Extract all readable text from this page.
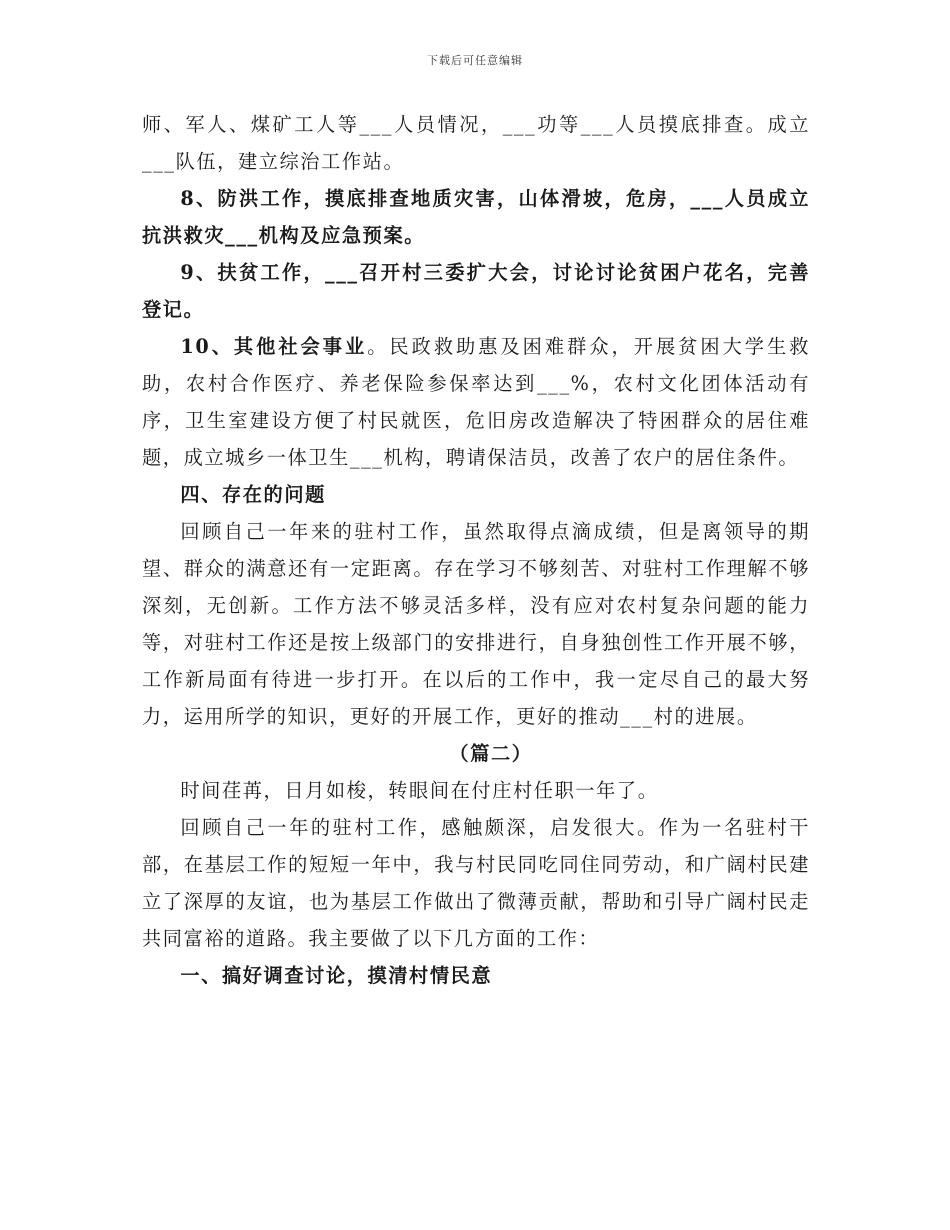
下载后可任意编辑

师、军人、煤矿工人等___人员情况，___功等___人员摸底排查。成立___队伍，建立综治工作站。

8、防洪工作，摸底排查地质灾害，山体滑坡，危房，___人员成立抗洪救灾___机构及应急预案。

9、扶贫工作，___召开村三委扩大会，讨论讨论贫困户花名，完善登记。

10、其他社会事业。民政救助惠及困难群众，开展贫困大学生救助，农村合作医疗、养老保险参保率达到___%，农村文化团体活动有序，卫生室建设方便了村民就医，危旧房改造解决了特困群众的居住难题，成立城乡一体卫生___机构，聘请保洁员，改善了农户的居住条件。

四、存在的问题

回顾自己一年来的驻村工作，虽然取得点滴成绩，但是离领导的期望、群众的满意还有一定距离。存在学习不够刻苦、对驻村工作理解不够深刻，无创新。工作方法不够灵活多样，没有应对农村复杂问题的能力等，对驻村工作还是按上级部门的安排进行，自身独创性工作开展不够，工作新局面有待进一步打开。在以后的工作中，我一定尽自己的最大努力，运用所学的知识，更好的开展工作，更好的推动___村的进展。

（篇二）

时间荏苒，日月如梭，转眼间在付庄村任职一年了。

回顾自己一年的驻村工作，感触颇深，启发很大。作为一名驻村干部，在基层工作的短短一年中，我与村民同吃同住同劳动，和广阔村民建立了深厚的友谊，也为基层工作做出了微薄贡献，帮助和引导广阔村民走共同富裕的道路。我主要做了以下几方面的工作：

一、搞好调查讨论，摸清村情民意
